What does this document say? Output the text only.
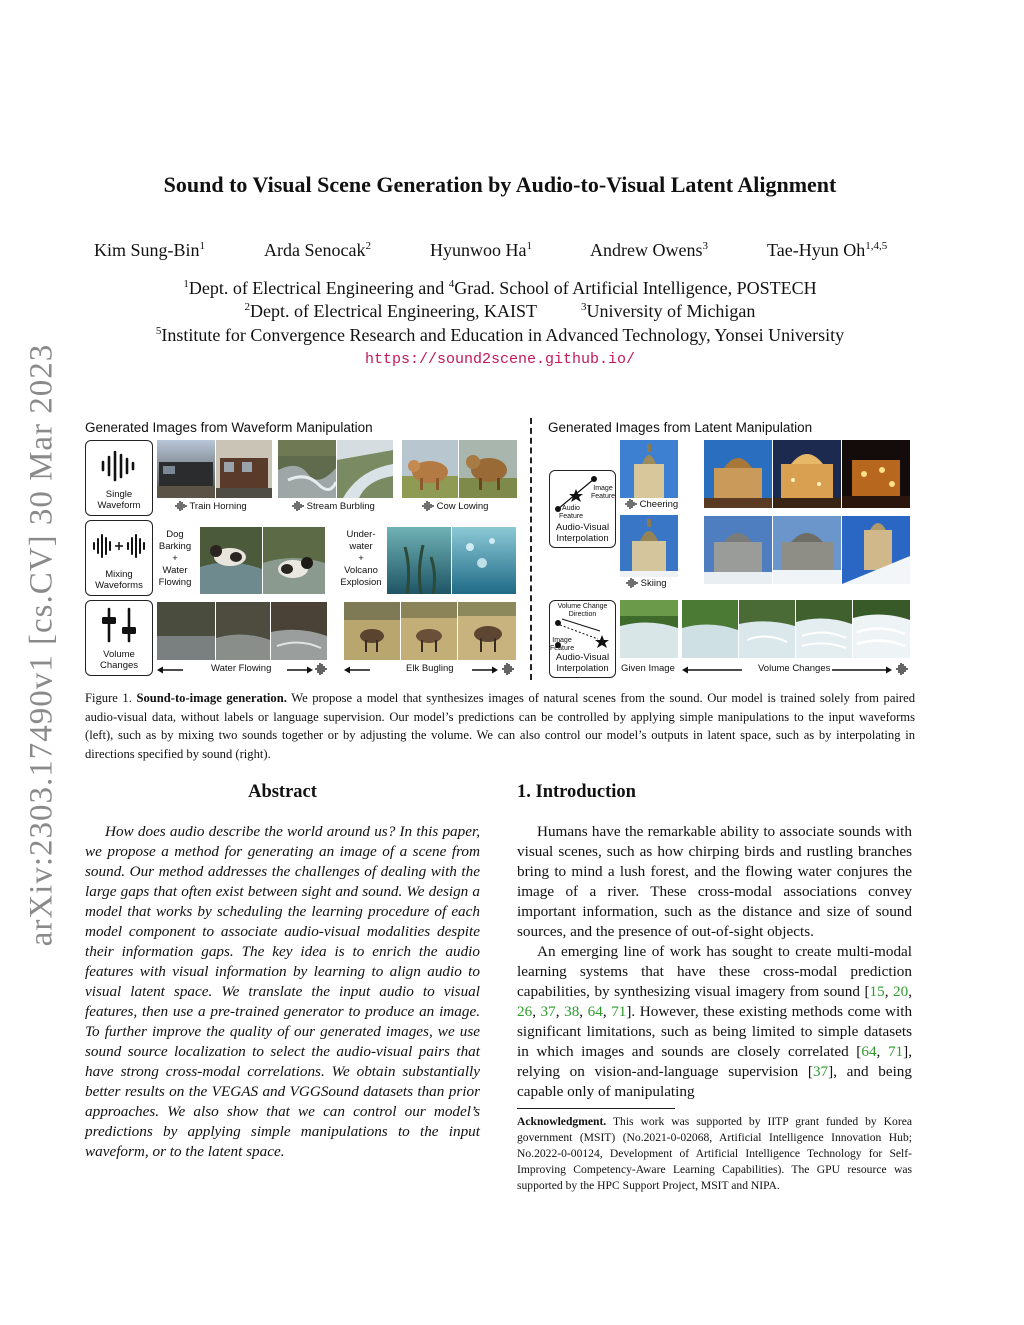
arXiv:2303.17490v1 [cs.CV] 30 Mar 2023
Sound to Visual Scene Generation by Audio-to-Visual Latent Alignment
Kim Sung-Bin$^1$	Arda Senocak$^2$	Hyunwoo Ha$^1$	Andrew Owens$^3$	Tae-Hyun Oh$^{1,4,5}$
$^1$Dept. of Electrical Engineering and $^4$Grad. School of Artificial Intelligence, POSTECH
$^2$Dept. of Electrical Engineering, KAIST	$^3$University of Michigan
$^5$Institute for Convergence Research and Education in Advanced Technology, Yonsei University
https://sound2scene.github.io/
Generated Images from Waveform Manipulation	Generated Images from Latent Manipulation
Single Waveform	Train Horning	Stream Burbling	Cow Lowing
Mixing Waveforms
Dog
Barking
+
Water
Flowing
Under-
water
+
Volcano
Explosion
Volume Changes	Water Flowing	Elk Bugling
Image Feature
Audio Feature
Audio-Visual Interpolation
Cheering
Skiing
Volume Change Direction
Image Feature
Audio-Visual Interpolation	Given Image	Volume Changes
Figure 1. Sound-to-image generation. We propose a model that synthesizes images of natural scenes from the sound. Our model is trained solely from paired audio-visual data, without labels or language supervision. Our model’s predictions can be controlled by applying simple manipulations to the input waveforms (left), such as by mixing two sounds together or by adjusting the volume. We can also control our model’s outputs in latent space, such as by interpolating in directions specified by sound (right).
Abstract
How does audio describe the world around us? In this paper, we propose a method for generating an image of a scene from sound. Our method addresses the challenges of dealing with the large gaps that often exist between sight and sound. We design a model that works by scheduling the learning procedure of each model component to associate audio-visual modalities despite their information gaps. The key idea is to enrich the audio features with visual information by learning to align audio to visual latent space. We translate the input audio to visual features, then use a pre-trained generator to produce an image. To further improve the quality of our generated images, we use sound source localization to select the audio-visual pairs that have strong cross-modal correlations. We obtain substantially better results on the VEGAS and VGGSound datasets than prior approaches. We also show that we can control our model’s predictions by applying simple manipulations to the input waveform, or to the latent space.
1. Introduction
Humans have the remarkable ability to associate sounds with visual scenes, such as how chirping birds and rustling branches bring to mind a lush forest, and the flowing water conjures the image of a river. These cross-modal associations convey important information, such as the distance and size of sound sources, and the presence of out-of-sight objects.
An emerging line of work has sought to create multi-modal learning systems that have these cross-modal prediction capabilities, by synthesizing visual imagery from sound [15, 20, 26, 37, 38, 64, 71]. However, these existing methods come with significant limitations, such as being limited to simple datasets in which images and sounds are closely correlated [64, 71], relying on vision-and-language supervision [37], and being capable only of manipulating
Acknowledgment. This work was supported by IITP grant funded by Korea government (MSIT) (No.2021-0-02068, Artificial Intelligence Innovation Hub; No.2022-0-00124, Development of Artificial Intelligence Technology for Self-Improving Competency-Aware Learning Capabilities). The GPU resource was supported by the HPC Support Project, MSIT and NIPA.
